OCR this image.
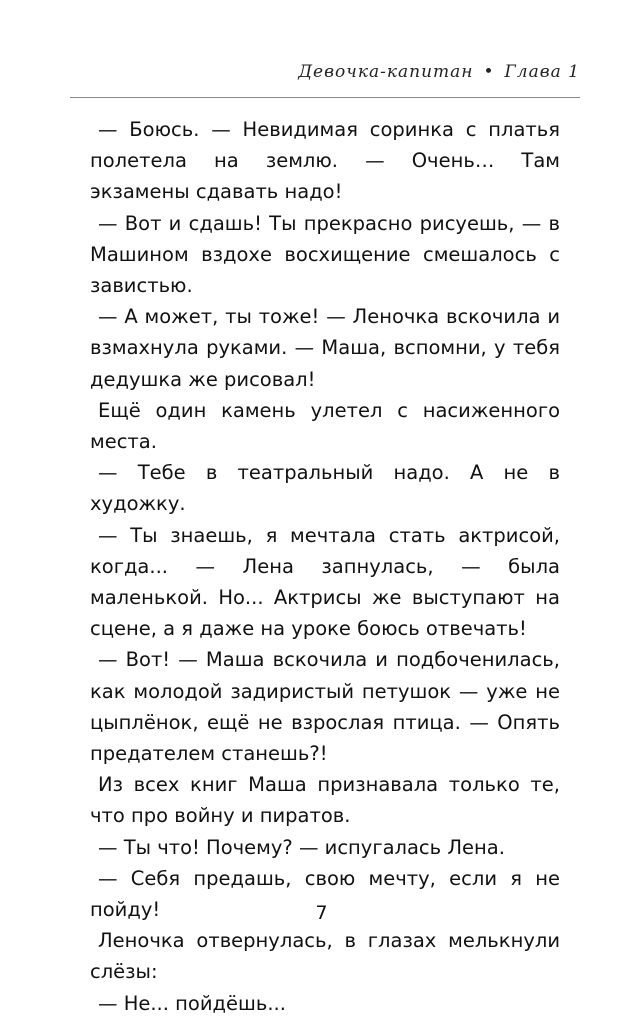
Девочка-капитан • Глава 1

— Боюсь. — Невидимая соринка с платья полетела на землю. — Очень… Там экзамены сдавать надо!

— Вот и сдашь! Ты прекрасно рисуешь, — в Машином вздохе восхищение смешалось с завистью.

— А может, ты тоже! — Леночка вскочила и взмахнула руками. — Маша, вспомни, у тебя дедушка же рисовал!

Ещё один камень улетел с насиженного места.

— Тебе в театральный надо. А не в художку.

— Ты знаешь, я мечтала стать актрисой, когда... — Лена запнулась, — была маленькой. Но... Актрисы же выступают на сцене, а я даже на уроке боюсь отвечать!

— Вот! — Маша вскочила и подбоченилась, как молодой задиристый петушок — уже не цыплёнок, ещё не взрослая птица. — Опять предателем станешь?!

Из всех книг Маша признавала только те, что про войну и пиратов.

— Ты что! Почему? — испугалась Лена.

— Себя предашь, свою мечту, если я не пойду!

Леночка отвернулась, в глазах мелькнули слёзы:

— Не... пойдёшь...

7
